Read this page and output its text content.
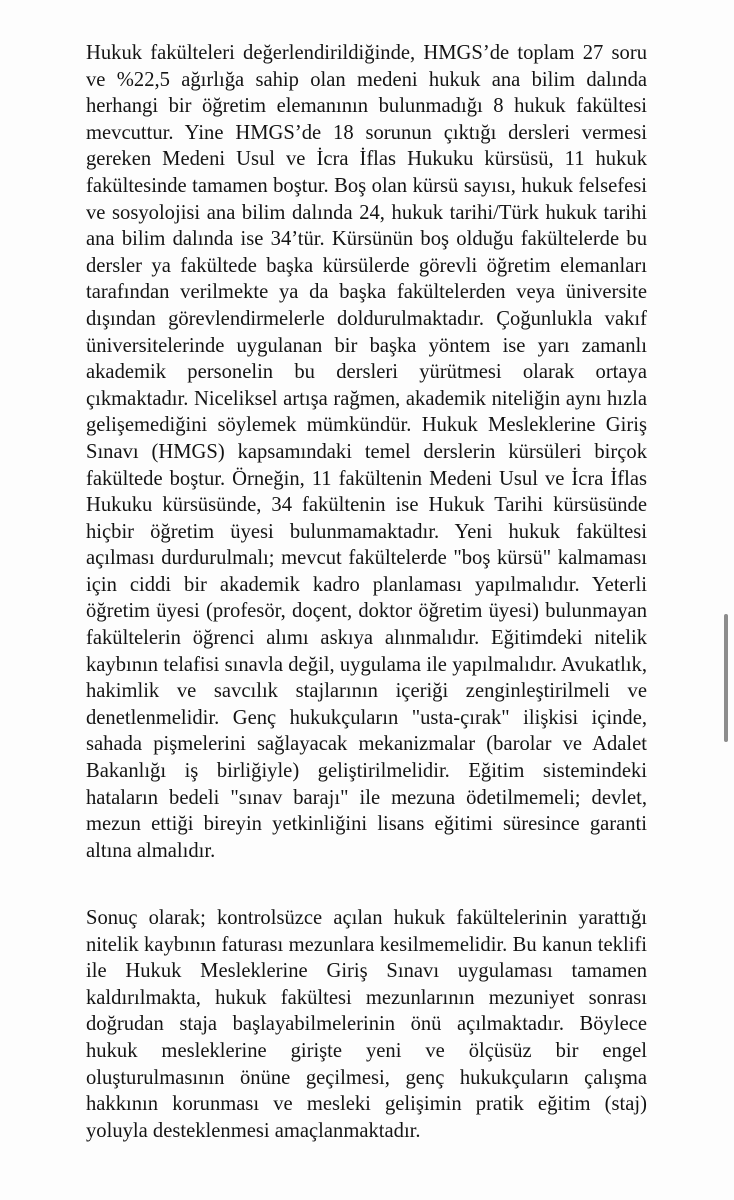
Hukuk fakülteleri değerlendirildiğinde, HMGS’de toplam 27 soru ve %22,5 ağırlığa sahip olan medeni hukuk ana bilim dalında herhangi bir öğretim elemanının bulunmadığı 8 hukuk fakültesi mevcuttur. Yine HMGS’de 18 sorunun çıktığı dersleri vermesi gereken Medeni Usul ve İcra İflas Hukuku kürsüsü, 11 hukuk fakültesinde tamamen boştur. Boş olan kürsü sayısı, hukuk felsefesi ve sosyolojisi ana bilim dalında 24, hukuk tarihi/Türk hukuk tarihi ana bilim dalında ise 34’tür. Kürsünün boş olduğu fakültelerde bu dersler ya fakültede başka kürsülerde görevli öğretim elemanları tarafından verilmekte ya da başka fakültelerden veya üniversite dışından görevlendirmelerle doldurulmaktadır. Çoğunlukla vakıf üniversitelerinde uygulanan bir başka yöntem ise yarı zamanlı akademik personelin bu dersleri yürütmesi olarak ortaya çıkmaktadır. Niceliksel artışa rağmen, akademik niteliğin aynı hızla gelişemediğini söylemek mümkündür. Hukuk Mesleklerine Giriş Sınavı (HMGS) kapsamındaki temel derslerin kürsüleri birçok fakültede boştur. Örneğin, 11 fakültenin Medeni Usul ve İcra İflas Hukuku kürsüsünde, 34 fakültenin ise Hukuk Tarihi kürsüsünde hiçbir öğretim üyesi bulunmamaktadır. Yeni hukuk fakültesi açılması durdurulmalı; mevcut fakültelerde "boş kürsü" kalmaması için ciddi bir akademik kadro planlaması yapılmalıdır. Yeterli öğretim üyesi (profesör, doçent, doktor öğretim üyesi) bulunmayan fakültelerin öğrenci alımı askıya alınmalıdır. Eğitimdeki nitelik kaybının telafisi sınavla değil, uygulama ile yapılmalıdır. Avukatlık, hakimlik ve savcılık stajlarının içeriği zenginleştirilmeli ve denetlenmelidir. Genç hukukçuların "usta-çırak" ilişkisi içinde, sahada pişmelerini sağlayacak mekanizmalar (barolar ve Adalet Bakanlığı iş birliğiyle) geliştirilmelidir. Eğitim sistemindeki hataların bedeli "sınav barajı" ile mezuna ödetilmemeli; devlet, mezun ettiği bireyin yetkinliğini lisans eğitimi süresince garanti altına almalıdır.

Sonuç olarak; kontrolsüzce açılan hukuk fakültelerinin yarattığı nitelik kaybının faturası mezunlara kesilmemelidir. Bu kanun teklifi ile Hukuk Mesleklerine Giriş Sınavı uygulaması tamamen kaldırılmakta, hukuk fakültesi mezunlarının mezuniyet sonrası doğrudan staja başlayabilmelerinin önü açılmaktadır. Böylece hukuk mesleklerine girişte yeni ve ölçüsüz bir engel oluşturulmasının önüne geçilmesi, genç hukukçuların çalışma hakkının korunması ve mesleki gelişimin pratik eğitim (staj) yoluyla desteklenmesi amaçlanmaktadır.
